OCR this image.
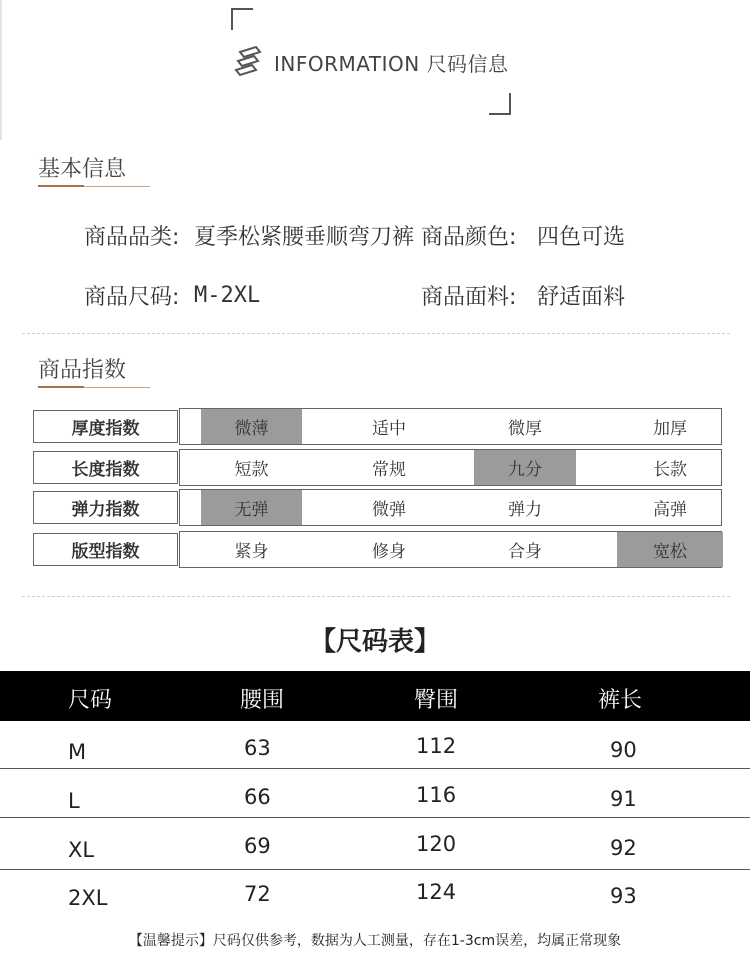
INFORMATION 尺码信息
基本信息
商品品类: 夏季松紧腰垂顺弯刀裤 商品颜色: 四色可选
商品尺码: M-2XL	商品面料: 舒适面料
商品指数
厚度指数	微薄	适中	微厚	加厚
长度指数	短款	常规	九分	长款
弹力指数	无弹	微弹	弹力	高弹
版型指数	紧身	修身	合身	宽松
【尺码表】
尺码	腰围	臀围	裤长
M	63	112	90
L	66	116	91
XL	69	120	92
2XL	72	124	93
【温馨提示】尺码仅供参考，数据为人工测量，存在1-3cm误差，均属正常现象
